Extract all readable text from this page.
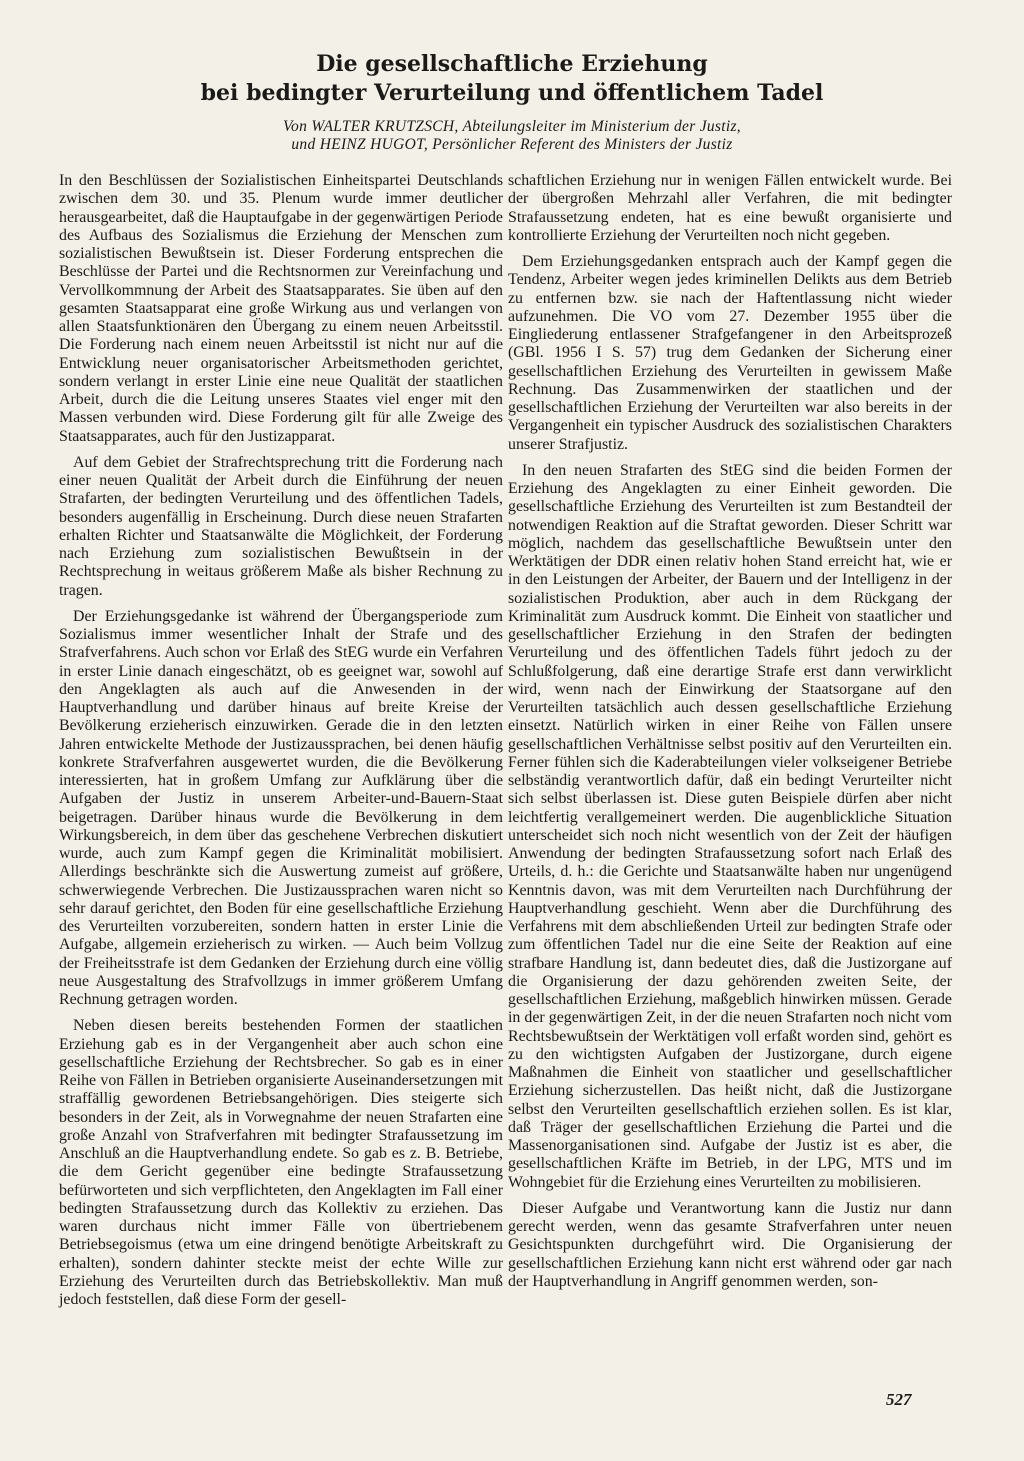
Die gesellschaftliche Erziehung
bei bedingter Verurteilung und öffentlichem Tadel
Von WALTER KRUTZSCH, Abteilungsleiter im Ministerium der Justiz,
und HEINZ HUGOT, Persönlicher Referent des Ministers der Justiz

In den Beschlüssen der Sozialistischen Einheitspartei Deutschlands zwischen dem 30. und 35. Plenum wurde immer deutlicher herausgearbeitet, daß die Hauptaufgabe in der gegenwärtigen Periode des Aufbaus des Sozialismus die Erziehung der Menschen zum sozialistischen Bewußtsein ist. Dieser Forderung entsprechen die Beschlüsse der Partei und die Rechtsnormen zur Vereinfachung und Vervollkommnung der Arbeit des Staatsapparates. Sie üben auf den gesamten Staatsapparat eine große Wirkung aus und verlangen von allen Staatsfunktionären den Übergang zu einem neuen Arbeitsstil. Die Forderung nach einem neuen Arbeitsstil ist nicht nur auf die Entwicklung neuer organisatorischer Arbeitsmethoden gerichtet, sondern verlangt in erster Linie eine neue Qualität der staatlichen Arbeit, durch die die Leitung unseres Staates viel enger mit den Massen verbunden wird. Diese Forderung gilt für alle Zweige des Staatsapparates, auch für den Justizapparat.

Auf dem Gebiet der Strafrechtsprechung tritt die Forderung nach einer neuen Qualität der Arbeit durch die Einführung der neuen Strafarten, der bedingten Verurteilung und des öffentlichen Tadels, besonders augenfällig in Erscheinung. Durch diese neuen Strafarten erhalten Richter und Staatsanwälte die Möglichkeit, der Forderung nach Erziehung zum sozialistischen Bewußtsein in der Rechtsprechung in weitaus größerem Maße als bisher Rechnung zu tragen.

Der Erziehungsgedanke ist während der Übergangsperiode zum Sozialismus immer wesentlicher Inhalt der Strafe und des Strafverfahrens. Auch schon vor Erlaß des StEG wurde ein Verfahren in erster Linie danach eingeschätzt, ob es geeignet war, sowohl auf den Angeklagten als auch auf die Anwesenden in der Hauptverhandlung und darüber hinaus auf breite Kreise der Bevölkerung erzieherisch einzuwirken. Gerade die in den letzten Jahren entwickelte Methode der Justizaussprachen, bei denen häufig konkrete Strafverfahren ausgewertet wurden, die die Bevölkerung interessierten, hat in großem Umfang zur Aufklärung über die Aufgaben der Justiz in unserem Arbeiter-und-Bauern-Staat beigetragen. Darüber hinaus wurde die Bevölkerung in dem Wirkungsbereich, in dem über das geschehene Verbrechen diskutiert wurde, auch zum Kampf gegen die Kriminalität mobilisiert. Allerdings beschränkte sich die Auswertung zumeist auf größere, schwerwiegende Verbrechen. Die Justizaussprachen waren nicht so sehr darauf gerichtet, den Boden für eine gesellschaftliche Erziehung des Verurteilten vorzubereiten, sondern hatten in erster Linie die Aufgabe, allgemein erzieherisch zu wirken. — Auch beim Vollzug der Freiheitsstrafe ist dem Gedanken der Erziehung durch eine völlig neue Ausgestaltung des Strafvollzugs in immer größerem Umfang Rechnung getragen worden.

Neben diesen bereits bestehenden Formen der staatlichen Erziehung gab es in der Vergangenheit aber auch schon eine gesellschaftliche Erziehung der Rechtsbrecher. So gab es in einer Reihe von Fällen in Betrieben organisierte Auseinandersetzungen mit straffällig gewordenen Betriebsangehörigen. Dies steigerte sich besonders in der Zeit, als in Vorwegnahme der neuen Strafarten eine große Anzahl von Strafverfahren mit bedingter Strafaussetzung im Anschluß an die Hauptverhandlung endete. So gab es z. B. Betriebe, die dem Gericht gegenüber eine bedingte Strafaussetzung befürworteten und sich verpflichteten, den Angeklagten im Fall einer bedingten Strafaussetzung durch das Kollektiv zu erziehen. Das waren durchaus nicht immer Fälle von übertriebenem Betriebsegoismus (etwa um eine dringend benötigte Arbeitskraft zu erhalten), sondern dahinter steckte meist der echte Wille zur Erziehung des Verurteilten durch das Betriebskollektiv. Man muß jedoch feststellen, daß diese Form der gesell-

schaftlichen Erziehung nur in wenigen Fällen entwickelt wurde. Bei der übergroßen Mehrzahl aller Verfahren, die mit bedingter Strafaussetzung endeten, hat es eine bewußt organisierte und kontrollierte Erziehung der Verurteilten noch nicht gegeben.

Dem Erziehungsgedanken entsprach auch der Kampf gegen die Tendenz, Arbeiter wegen jedes kriminellen Delikts aus dem Betrieb zu entfernen bzw. sie nach der Haftentlassung nicht wieder aufzunehmen. Die VO vom 27. Dezember 1955 über die Eingliederung entlassener Strafgefangener in den Arbeitsprozeß (GBl. 1956 I S. 57) trug dem Gedanken der Sicherung einer gesellschaftlichen Erziehung des Verurteilten in gewissem Maße Rechnung. Das Zusammenwirken der staatlichen und der gesellschaftlichen Erziehung der Verurteilten war also bereits in der Vergangenheit ein typischer Ausdruck des sozialistischen Charakters unserer Strafjustiz.

In den neuen Strafarten des StEG sind die beiden Formen der Erziehung des Angeklagten zu einer Einheit geworden. Die gesellschaftliche Erziehung des Verurteilten ist zum Bestandteil der notwendigen Reaktion auf die Straftat geworden. Dieser Schritt war möglich, nachdem das gesellschaftliche Bewußtsein unter den Werktätigen der DDR einen relativ hohen Stand erreicht hat, wie er in den Leistungen der Arbeiter, der Bauern und der Intelligenz in der sozialistischen Produktion, aber auch in dem Rückgang der Kriminalität zum Ausdruck kommt. Die Einheit von staatlicher und gesellschaftlicher Erziehung in den Strafen der bedingten Verurteilung und des öffentlichen Tadels führt jedoch zu der Schlußfolgerung, daß eine derartige Strafe erst dann verwirklicht wird, wenn nach der Einwirkung der Staatsorgane auf den Verurteilten tatsächlich auch dessen gesellschaftliche Erziehung einsetzt. Natürlich wirken in einer Reihe von Fällen unsere gesellschaftlichen Verhältnisse selbst positiv auf den Verurteilten ein. Ferner fühlen sich die Kaderabteilungen vieler volkseigener Betriebe selbständig verantwortlich dafür, daß ein bedingt Verurteilter nicht sich selbst überlassen ist. Diese guten Beispiele dürfen aber nicht leichtfertig verallgemeinert werden. Die augenblickliche Situation unterscheidet sich noch nicht wesentlich von der Zeit der häufigen Anwendung der bedingten Strafaussetzung sofort nach Erlaß des Urteils, d. h.: die Gerichte und Staatsanwälte haben nur ungenügend Kenntnis davon, was mit dem Verurteilten nach Durchführung der Hauptverhandlung geschieht. Wenn aber die Durchführung des Verfahrens mit dem abschließenden Urteil zur bedingten Strafe oder zum öffentlichen Tadel nur die eine Seite der Reaktion auf eine strafbare Handlung ist, dann bedeutet dies, daß die Justizorgane auf die Organisierung der dazu gehörenden zweiten Seite, der gesellschaftlichen Erziehung, maßgeblich hinwirken müssen. Gerade in der gegenwärtigen Zeit, in der die neuen Strafarten noch nicht vom Rechtsbewußtsein der Werktätigen voll erfaßt worden sind, gehört es zu den wichtigsten Aufgaben der Justizorgane, durch eigene Maßnahmen die Einheit von staatlicher und gesellschaftlicher Erziehung sicherzustellen. Das heißt nicht, daß die Justizorgane selbst den Verurteilten gesellschaftlich erziehen sollen. Es ist klar, daß Träger der gesellschaftlichen Erziehung die Partei und die Massenorganisationen sind. Aufgabe der Justiz ist es aber, die gesellschaftlichen Kräfte im Betrieb, in der LPG, MTS und im Wohngebiet für die Erziehung eines Verurteilten zu mobilisieren.

Dieser Aufgabe und Verantwortung kann die Justiz nur dann gerecht werden, wenn das gesamte Strafverfahren unter neuen Gesichtspunkten durchgeführt wird. Die Organisierung der gesellschaftlichen Erziehung kann nicht erst während oder gar nach der Hauptverhandlung in Angriff genommen werden, son-

527
